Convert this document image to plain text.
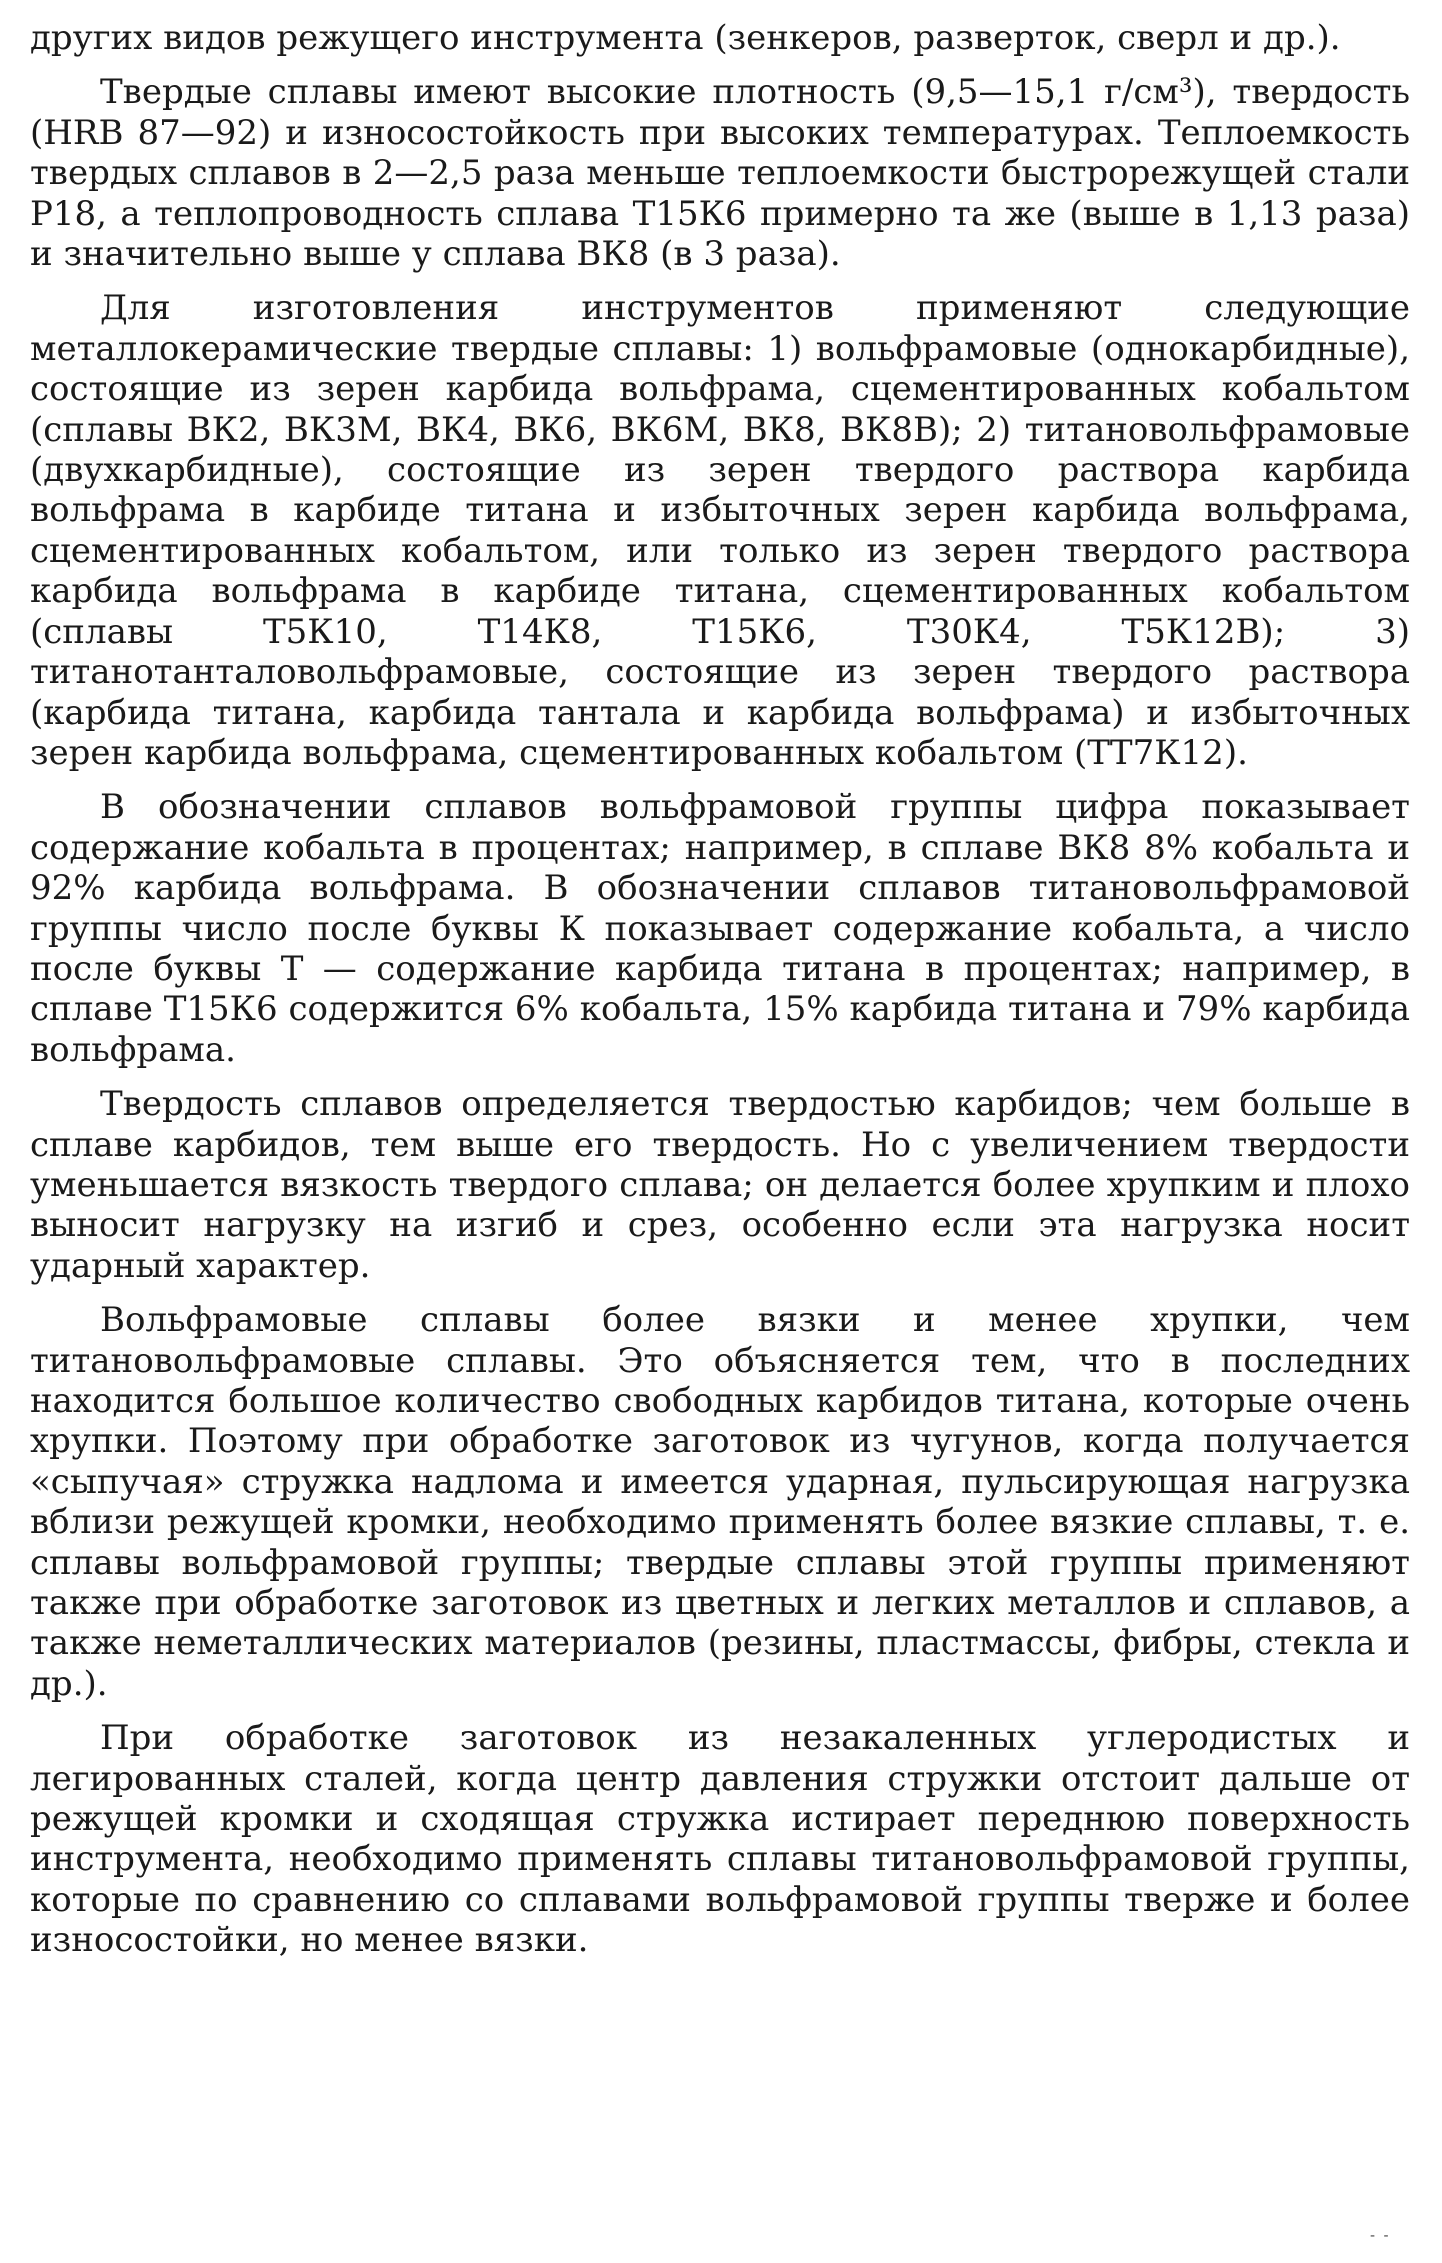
других видов режущего инструмента (зенкеров, разверток, сверл и др.).

Твердые сплавы имеют высокие плотность (9,5—15,1 г/см³), твердость (HRB 87—92) и износостойкость при высоких температурах. Теплоемкость твердых сплавов в 2—2,5 раза меньше теплоемкости быстрорежущей стали Р18, а теплопроводность сплава Т15К6 примерно та же (выше в 1,13 раза) и значительно выше у сплава ВК8 (в 3 раза).

Для изготовления инструментов применяют следующие металлокерамические твердые сплавы: 1) вольфрамовые (однокарбидные), состоящие из зерен карбида вольфрама, сцементированных кобальтом (сплавы ВК2, ВК3М, ВК4, ВК6, ВК6М, ВК8, ВК8В); 2) титановольфрамовые (двухкарбидные), состоящие из зерен твердого раствора карбида вольфрама в карбиде титана и избыточных зерен карбида вольфрама, сцементированных кобальтом, или только из зерен твердого раствора карбида вольфрама в карбиде титана, сцементированных кобальтом (сплавы Т5К10, Т14К8, Т15К6, Т30К4, Т5К12В); 3) титанотанталовольфрамовые, состоящие из зерен твердого раствора (карбида титана, карбида тантала и карбида вольфрама) и избыточных зерен карбида вольфрама, сцементированных кобальтом (ТТ7К12).

В обозначении сплавов вольфрамовой группы цифра показывает содержание кобальта в процентах; например, в сплаве ВК8 8% кобальта и 92% карбида вольфрама. В обозначении сплавов титановольфрамовой группы число после буквы К показывает содержание кобальта, а число после буквы Т — содержание карбида титана в процентах; например, в сплаве Т15К6 содержится 6% кобальта, 15% карбида титана и 79% карбида вольфрама.

Твердость сплавов определяется твердостью карбидов; чем больше в сплаве карбидов, тем выше его твердость. Но с увеличением твердости уменьшается вязкость твердого сплава; он делается более хрупким и плохо выносит нагрузку на изгиб и срез, особенно если эта нагрузка носит ударный характер.

Вольфрамовые сплавы более вязки и менее хрупки, чем титановольфрамовые сплавы. Это объясняется тем, что в последних находится большое количество свободных карбидов титана, которые очень хрупки. Поэтому при обработке заготовок из чугунов, когда получается «сыпучая» стружка надлома и имеется ударная, пульсирующая нагрузка вблизи режущей кромки, необходимо применять более вязкие сплавы, т. е. сплавы вольфрамовой группы; твердые сплавы этой группы применяют также при обработке заготовок из цветных и легких металлов и сплавов, а также неметаллических материалов (резины, пластмассы, фибры, стекла и др.).

При обработке заготовок из незакаленных углеродистых и легированных сталей, когда центр давления стружки отстоит дальше от режущей кромки и сходящая стружка истирает переднюю поверхность инструмента, необходимо применять сплавы титановольфрамовой группы, которые по сравнению со сплавами вольфрамовой группы тверже и более износостойки, но менее вязки.

- -
